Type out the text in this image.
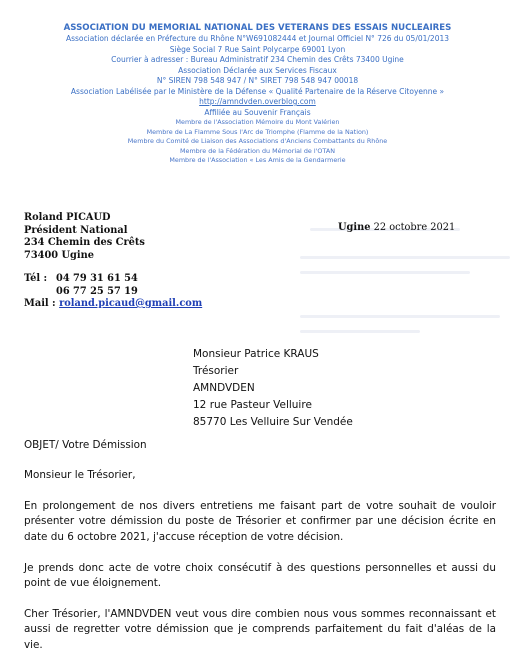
ASSOCIATION DU MEMORIAL NATIONAL DES VETERANS DES ESSAIS NUCLEAIRES
Association déclarée en Préfecture du Rhône N°W691082444 et Journal Officiel N° 726 du 05/01/2013
Siège Social 7 Rue Saint Polycarpe 69001 Lyon
Courrier à adresser : Bureau Administratif 234 Chemin des Crêts 73400 Ugine
Association Déclarée aux Services Fiscaux
N° SIREN 798 548 947 / N° SIRET 798 548 947 00018
Association Labélisée par le Ministère de la Défense « Qualité Partenaire de la Réserve Citoyenne »
http://amndvden.overblog.com
Affiliée au Souvenir Français
Membre de l'Association Mémoire du Mont Valérien
Membre de La Flamme Sous l'Arc de Triomphe (Flamme de la Nation)
Membre du Comité de Liaison des Associations d'Anciens Combattants du Rhône
Membre de la Fédération du Mémorial de l'OTAN
Membre de l'Association « Les Amis de la Gendarmerie
Roland PICAUD
Président National
234 Chemin des Crêts
73400 Ugine
Tél : 04 79 31 61 54
06 77 25 57 19
Mail : roland.picaud@gmail.com
Ugine 22 octobre 2021
Monsieur Patrice KRAUS
Trésorier
AMNDVDEN
12 rue Pasteur Velluire
85770 Les Velluire Sur Vendée
OBJET/ Votre Démission
Monsieur le Trésorier,
En prolongement de nos divers entretiens me faisant part de votre souhait de vouloir présenter votre démission du poste de Trésorier et confirmer par une décision écrite en date du 6 octobre 2021, j'accuse réception de votre décision.
Je prends donc acte de votre choix consécutif à des questions personnelles et aussi du point de vue éloignement.
Cher Trésorier, l'AMNDVDEN veut vous dire combien nous vous sommes reconnaissant et aussi de regretter votre démission que je comprends parfaitement du fait d'aléas de la vie.
